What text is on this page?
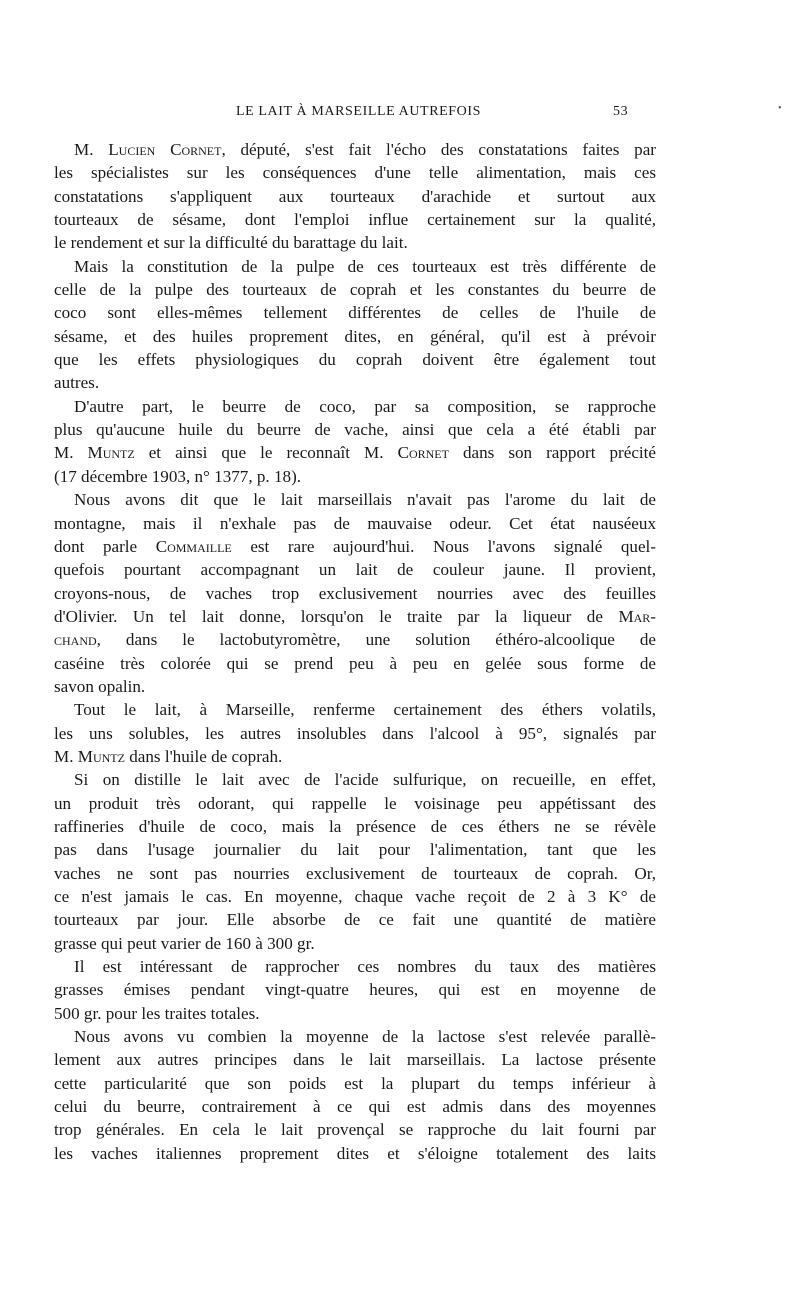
LE LAIT À MARSEILLE AUTREFOIS	53
M. Lucien Cornet, député, s'est fait l'écho des constatations faites par
les spécialistes sur les conséquences d'une telle alimentation, mais ces
constatations s'appliquent aux tourteaux d'arachide et surtout aux
tourteaux de sésame, dont l'emploi influe certainement sur la qualité,
le rendement et sur la difficulté du barattage du lait.
Mais la constitution de la pulpe de ces tourteaux est très différente de
celle de la pulpe des tourteaux de coprah et les constantes du beurre de
coco sont elles-mêmes tellement différentes de celles de l'huile de
sésame, et des huiles proprement dites, en général, qu'il est à prévoir
que les effets physiologiques du coprah doivent être également tout
autres.
D'autre part, le beurre de coco, par sa composition, se rapproche
plus qu'aucune huile du beurre de vache, ainsi que cela a été établi par
M. Muntz et ainsi que le reconnaît M. Cornet dans son rapport précité
(17 décembre 1903, n° 1377, p. 18).
Nous avons dit que le lait marseillais n'avait pas l'arome du lait de
montagne, mais il n'exhale pas de mauvaise odeur. Cet état nauséeux
dont parle Commaille est rare aujourd'hui. Nous l'avons signalé quel-
quefois pourtant accompagnant un lait de couleur jaune. Il provient,
croyons-nous, de vaches trop exclusivement nourries avec des feuilles
d'Olivier. Un tel lait donne, lorsqu'on le traite par la liqueur de Mar-
chand, dans le lactobutyromètre, une solution éthéro-alcoolique de
caséine très colorée qui se prend peu à peu en gelée sous forme de
savon opalin.
Tout le lait, à Marseille, renferme certainement des éthers volatils,
les uns solubles, les autres insolubles dans l'alcool à 95°, signalés par
M. Muntz dans l'huile de coprah.
Si on distille le lait avec de l'acide sulfurique, on recueille, en effet,
un produit très odorant, qui rappelle le voisinage peu appétissant des
raffineries d'huile de coco, mais la présence de ces éthers ne se révèle
pas dans l'usage journalier du lait pour l'alimentation, tant que les
vaches ne sont pas nourries exclusivement de tourteaux de coprah. Or,
ce n'est jamais le cas. En moyenne, chaque vache reçoit de 2 à 3 K° de
tourteaux par jour. Elle absorbe de ce fait une quantité de matière
grasse qui peut varier de 160 à 300 gr.
Il est intéressant de rapprocher ces nombres du taux des matières
grasses émises pendant vingt-quatre heures, qui est en moyenne de
500 gr. pour les traites totales.
Nous avons vu combien la moyenne de la lactose s'est relevée parallè-
lement aux autres principes dans le lait marseillais. La lactose présente
cette particularité que son poids est la plupart du temps inférieur à
celui du beurre, contrairement à ce qui est admis dans des moyennes
trop générales. En cela le lait provençal se rapproche du lait fourni par
les vaches italiennes proprement dites et s'éloigne totalement des laits
•
